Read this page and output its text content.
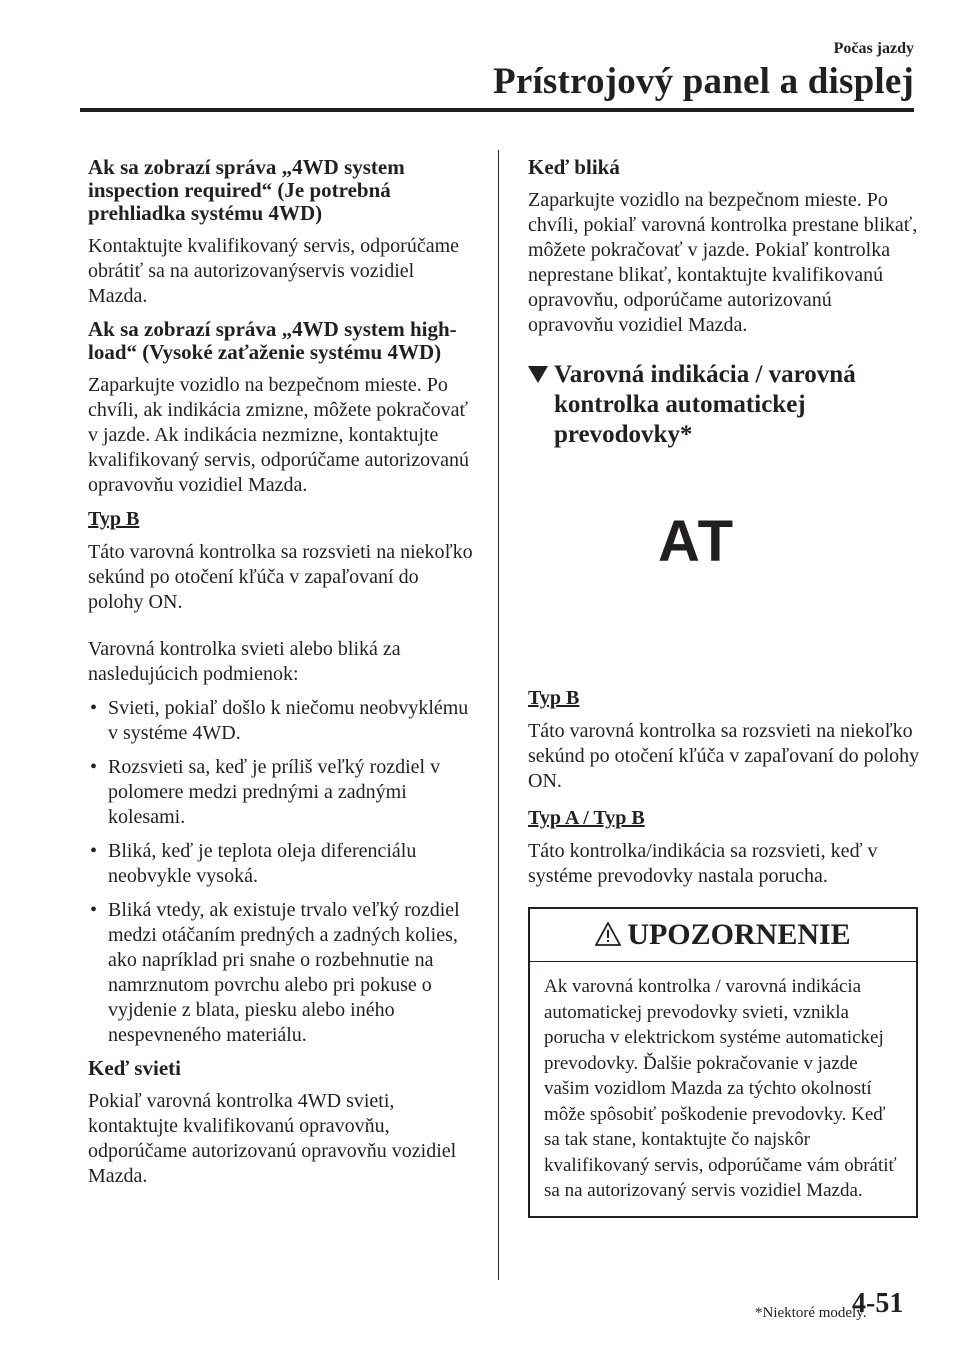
Počas jazdy
Prístrojový panel a displej
Ak sa zobrazí správa „4WD system inspection required“ (Je potrebná prehliadka systému 4WD)
Kontaktujte kvalifikovaný servis, odporúčame obrátiť sa na autorizovanýservis vozidiel Mazda.
Ak sa zobrazí správa „4WD system high-load“ (Vysoké zaťaženie systému 4WD)
Zaparkujte vozidlo na bezpečnom mieste. Po chvíli, ak indikácia zmizne, môžete pokračovať v jazde. Ak indikácia nezmizne, kontaktujte kvalifikovaný servis, odporúčame autorizovanú opravovňu vozidiel Mazda.
Typ B
Táto varovná kontrolka sa rozsvieti na niekoľko sekúnd po otočení kľúča v zapaľovaní do polohy ON.
Varovná kontrolka svieti alebo bliká za nasledujúcich podmienok:
• Svieti, pokiaľ došlo k niečomu neobvyklému v systéme 4WD.
• Rozsvieti sa, keď je príliš veľký rozdiel v polomere medzi prednými a zadnými kolesami.
• Bliká, keď je teplota oleja diferenciálu neobvykle vysoká.
• Bliká vtedy, ak existuje trvalo veľký rozdiel medzi otáčaním predných a zadných kolies, ako napríklad pri snahe o rozbehnutie na namrznutom povrchu alebo pri pokuse o vyjdenie z blata, piesku alebo iného nespevneného materiálu.
Keď svieti
Pokiaľ varovná kontrolka 4WD svieti, kontaktujte kvalifikovanú opravovňu, odporúčame autorizovanú opravovňu vozidiel Mazda.
Keď bliká
Zaparkujte vozidlo na bezpečnom mieste. Po chvíli, pokiaľ varovná kontrolka prestane blikať, môžete pokračovať v jazde. Pokiaľ kontrolka neprestane blikať, kontaktujte kvalifikovanú opravovňu, odporúčame autorizovanú opravovňu vozidiel Mazda.
Varovná indikácia / varovná kontrolka automatickej prevodovky*
AT
Typ B
Táto varovná kontrolka sa rozsvieti na niekoľko sekúnd po otočení kľúča v zapaľovaní do polohy ON.
Typ A / Typ B
Táto kontrolka/indikácia sa rozsvieti, keď v systéme prevodovky nastala porucha.
UPOZORNENIE
Ak varovná kontrolka / varovná indikácia automatickej prevodovky svieti, vznikla porucha v elektrickom systéme automatickej prevodovky. Ďalšie pokračovanie v jazde vašim vozidlom Mazda za týchto okolností môže spôsobiť poškodenie prevodovky. Keď sa tak stane, kontaktujte čo najskôr kvalifikovaný servis, odporúčame vám obrátiť sa na autorizovaný servis vozidiel Mazda.
*Niektoré modely.
4-51
